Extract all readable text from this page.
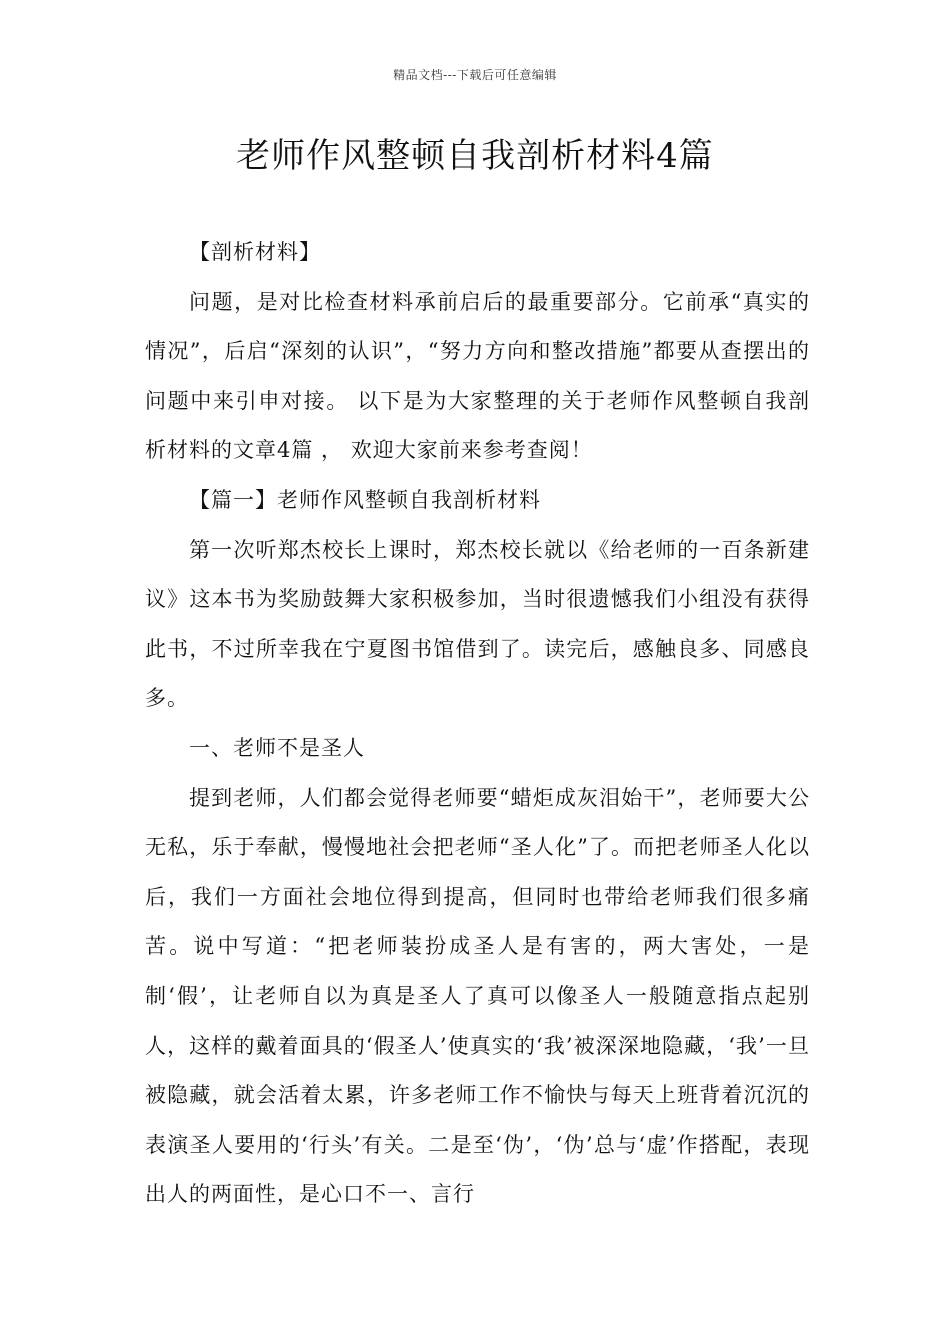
精品文档---下载后可任意编辑
老师作风整顿自我剖析材料4篇

【剖析材料】

问题，是对比检查材料承前启后的最重要部分。它前承“真实的情况”，后启“深刻的认识”，“努力方向和整改措施”都要从查摆出的问题中来引申对接。 以下是为大家整理的关于老师作风整顿自我剖析材料的文章4篇 ， 欢迎大家前来参考查阅！

【篇一】老师作风整顿自我剖析材料

第一次听郑杰校长上课时，郑杰校长就以《给老师的一百条新建议》这本书为奖励鼓舞大家积极参加，当时很遗憾我们小组没有获得此书，不过所幸我在宁夏图书馆借到了。读完后，感触良多、同感良多。

一、老师不是圣人

提到老师，人们都会觉得老师要“蜡炬成灰泪始干”，老师要大公无私，乐于奉献，慢慢地社会把老师“圣人化”了。而把老师圣人化以后，我们一方面社会地位得到提高，但同时也带给老师我们很多痛苦。说中写道：“把老师装扮成圣人是有害的，两大害处，一是制‘假’，让老师自以为真是圣人了真可以像圣人一般随意指点起别人，这样的戴着面具的‘假圣人’使真实的‘我’被深深地隐藏，‘我’一旦被隐藏，就会活着太累，许多老师工作不愉快与每天上班背着沉沉的表演圣人要用的‘行头’有关。二是至‘伪’，‘伪’总与‘虚’作搭配，表现出人的两面性，是心口不一、言行
